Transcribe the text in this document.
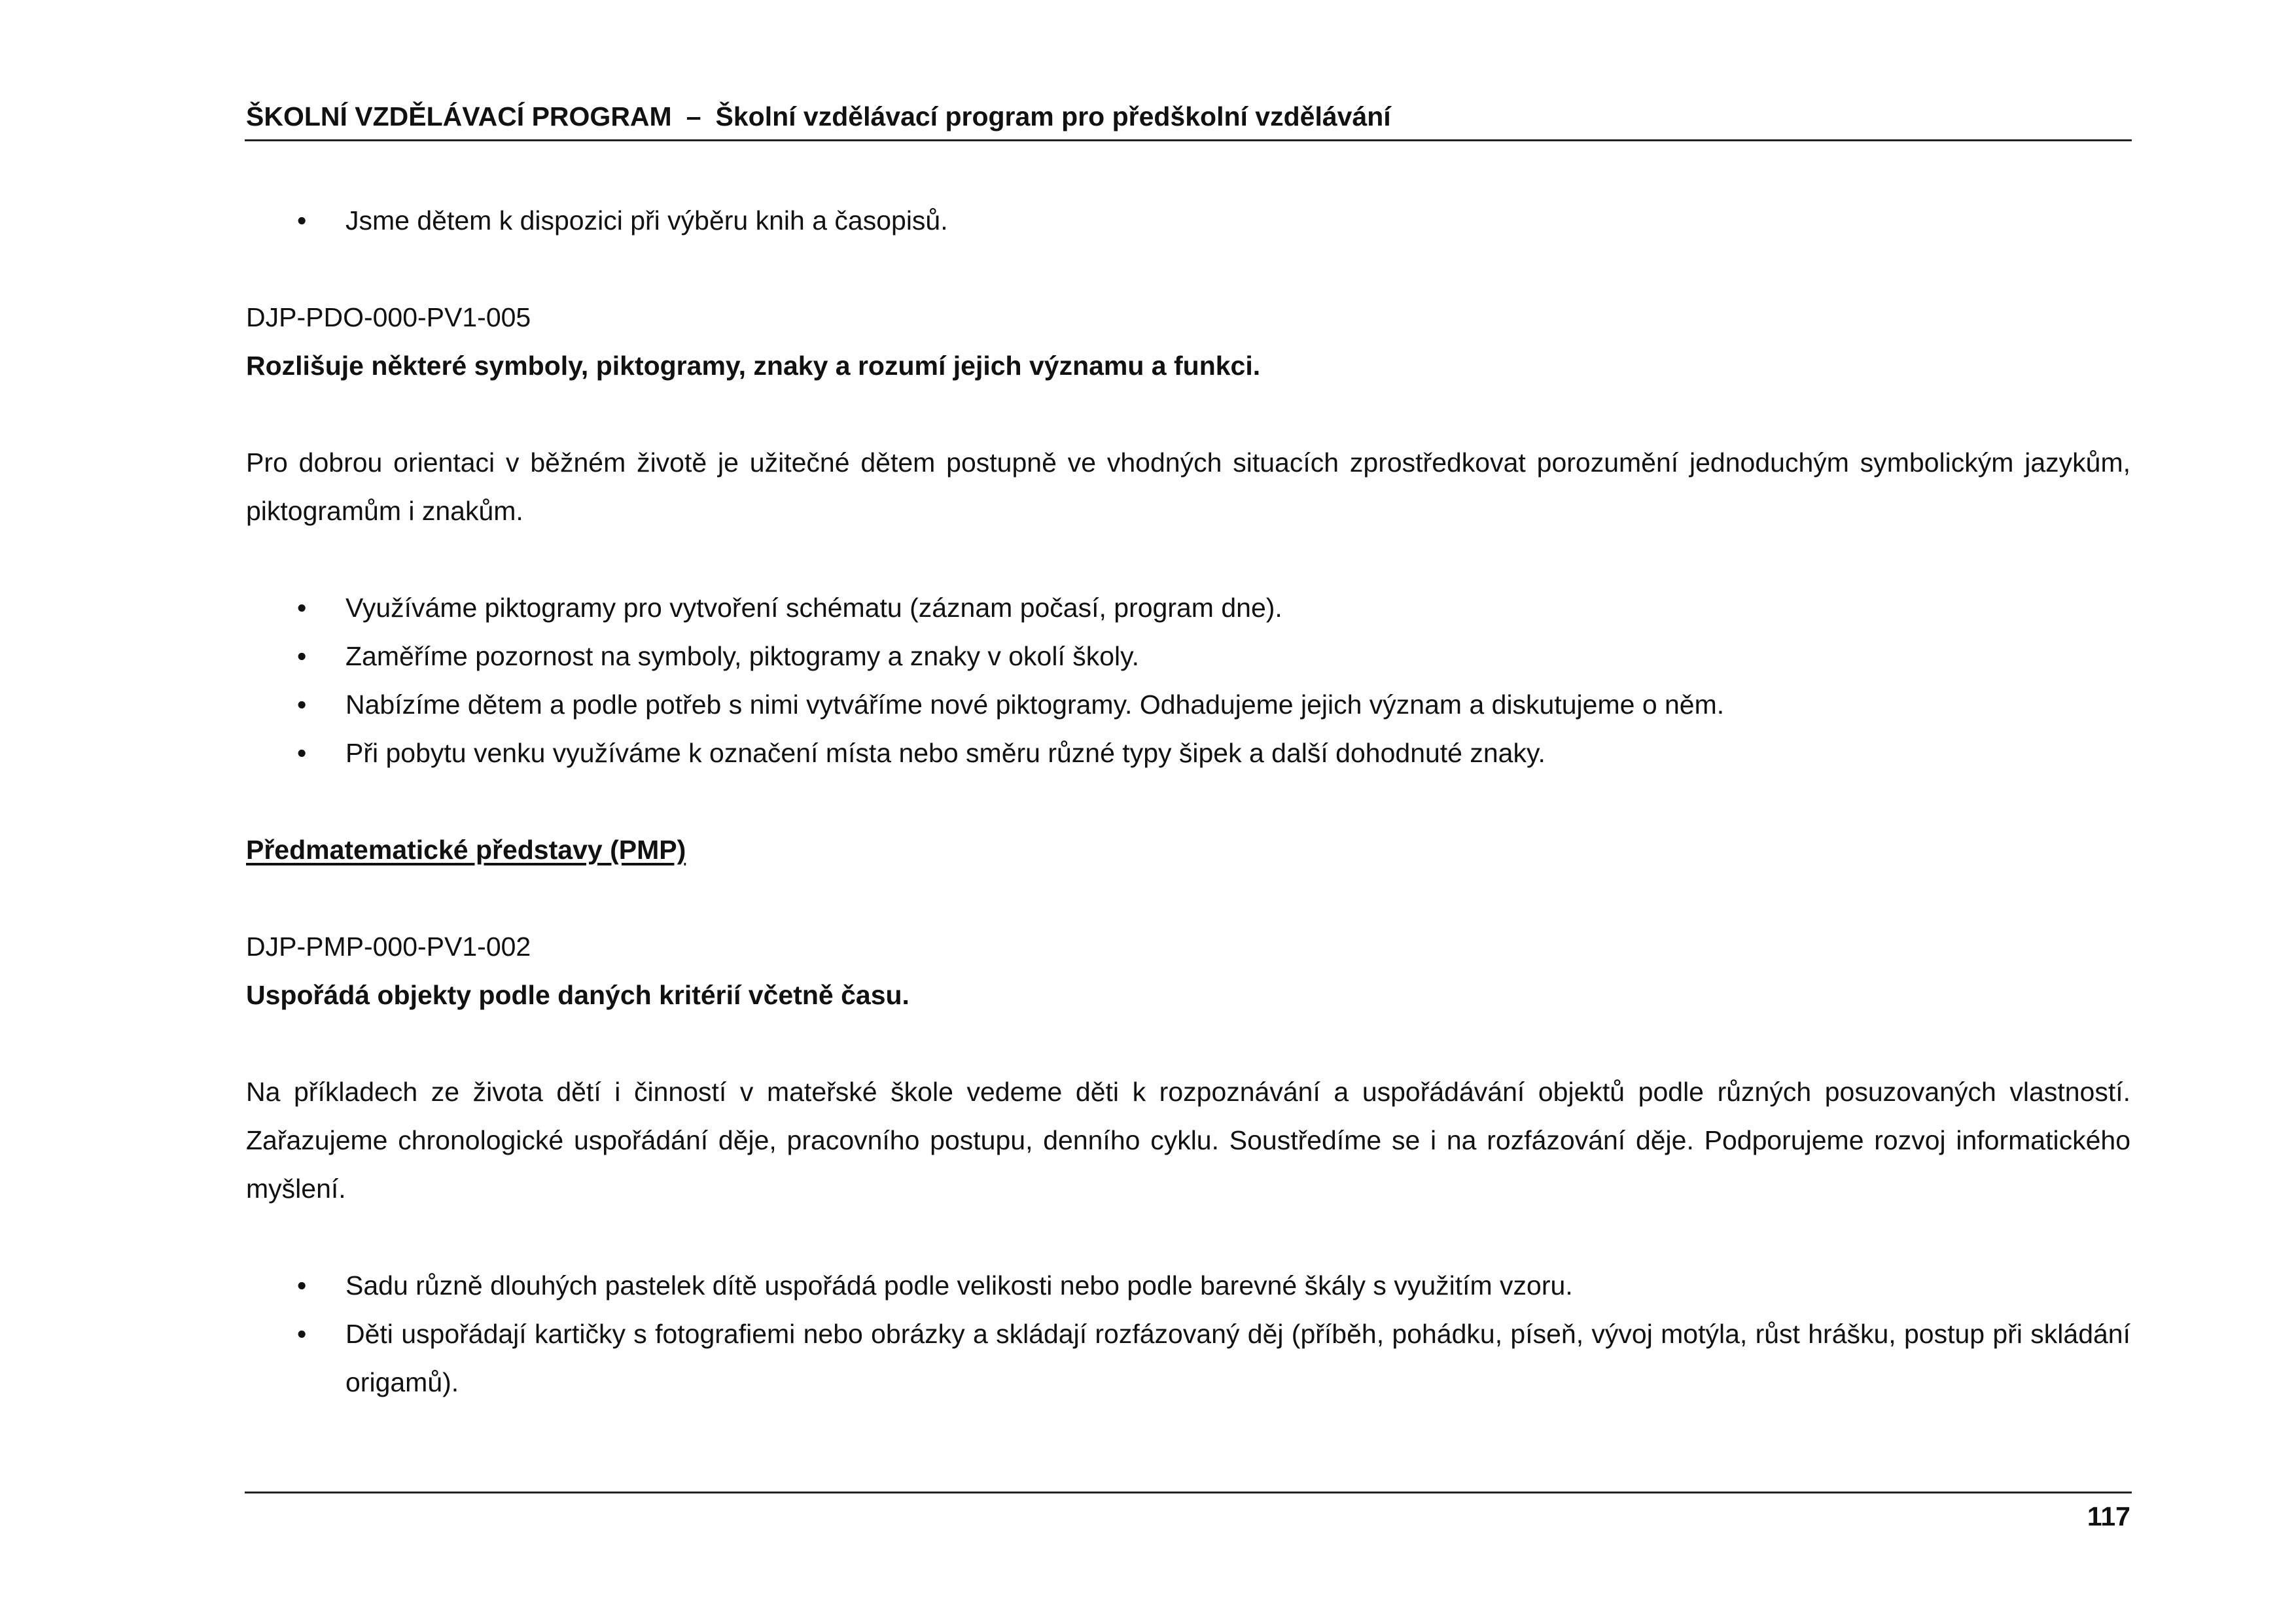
ŠKOLNÍ VZDĚLÁVACÍ PROGRAM – Školní vzdělávací program pro předškolní vzdělávání
• Jsme dětem k dispozici při výběru knih a časopisů.

DJP-PDO-000-PV1-005

Rozlišuje některé symboly, piktogramy, znaky a rozumí jejich významu a funkci.

Pro dobrou orientaci v běžném životě je užitečné dětem postupně ve vhodných situacích zprostředkovat porozumění jednoduchým symbolickým jazykům, piktogramům i znakům.

• Využíváme piktogramy pro vytvoření schématu (záznam počasí, program dne).
• Zaměříme pozornost na symboly, piktogramy a znaky v okolí školy.
• Nabízíme dětem a podle potřeb s nimi vytváříme nové piktogramy. Odhadujeme jejich význam a diskutujeme o něm.
• Při pobytu venku využíváme k označení místa nebo směru různé typy šipek a další dohodnuté znaky.

Předmatematické představy (PMP)

DJP-PMP-000-PV1-002

Uspořádá objekty podle daných kritérií včetně času.

Na příkladech ze života dětí i činností v mateřské škole vedeme děti k rozpoznávání a uspořádávání objektů podle různých posuzovaných vlastností. Zařazujeme chronologické uspořádání děje, pracovního postupu, denního cyklu. Soustředíme se i na rozfázování děje. Podporujeme rozvoj informatického myšlení.

• Sadu různě dlouhých pastelek dítě uspořádá podle velikosti nebo podle barevné škály s využitím vzoru.
• Děti uspořádají kartičky s fotografiemi nebo obrázky a skládají rozfázovaný děj (příběh, pohádku, píseň, vývoj motýla, růst hrášku, postup při skládání origamů).
117
